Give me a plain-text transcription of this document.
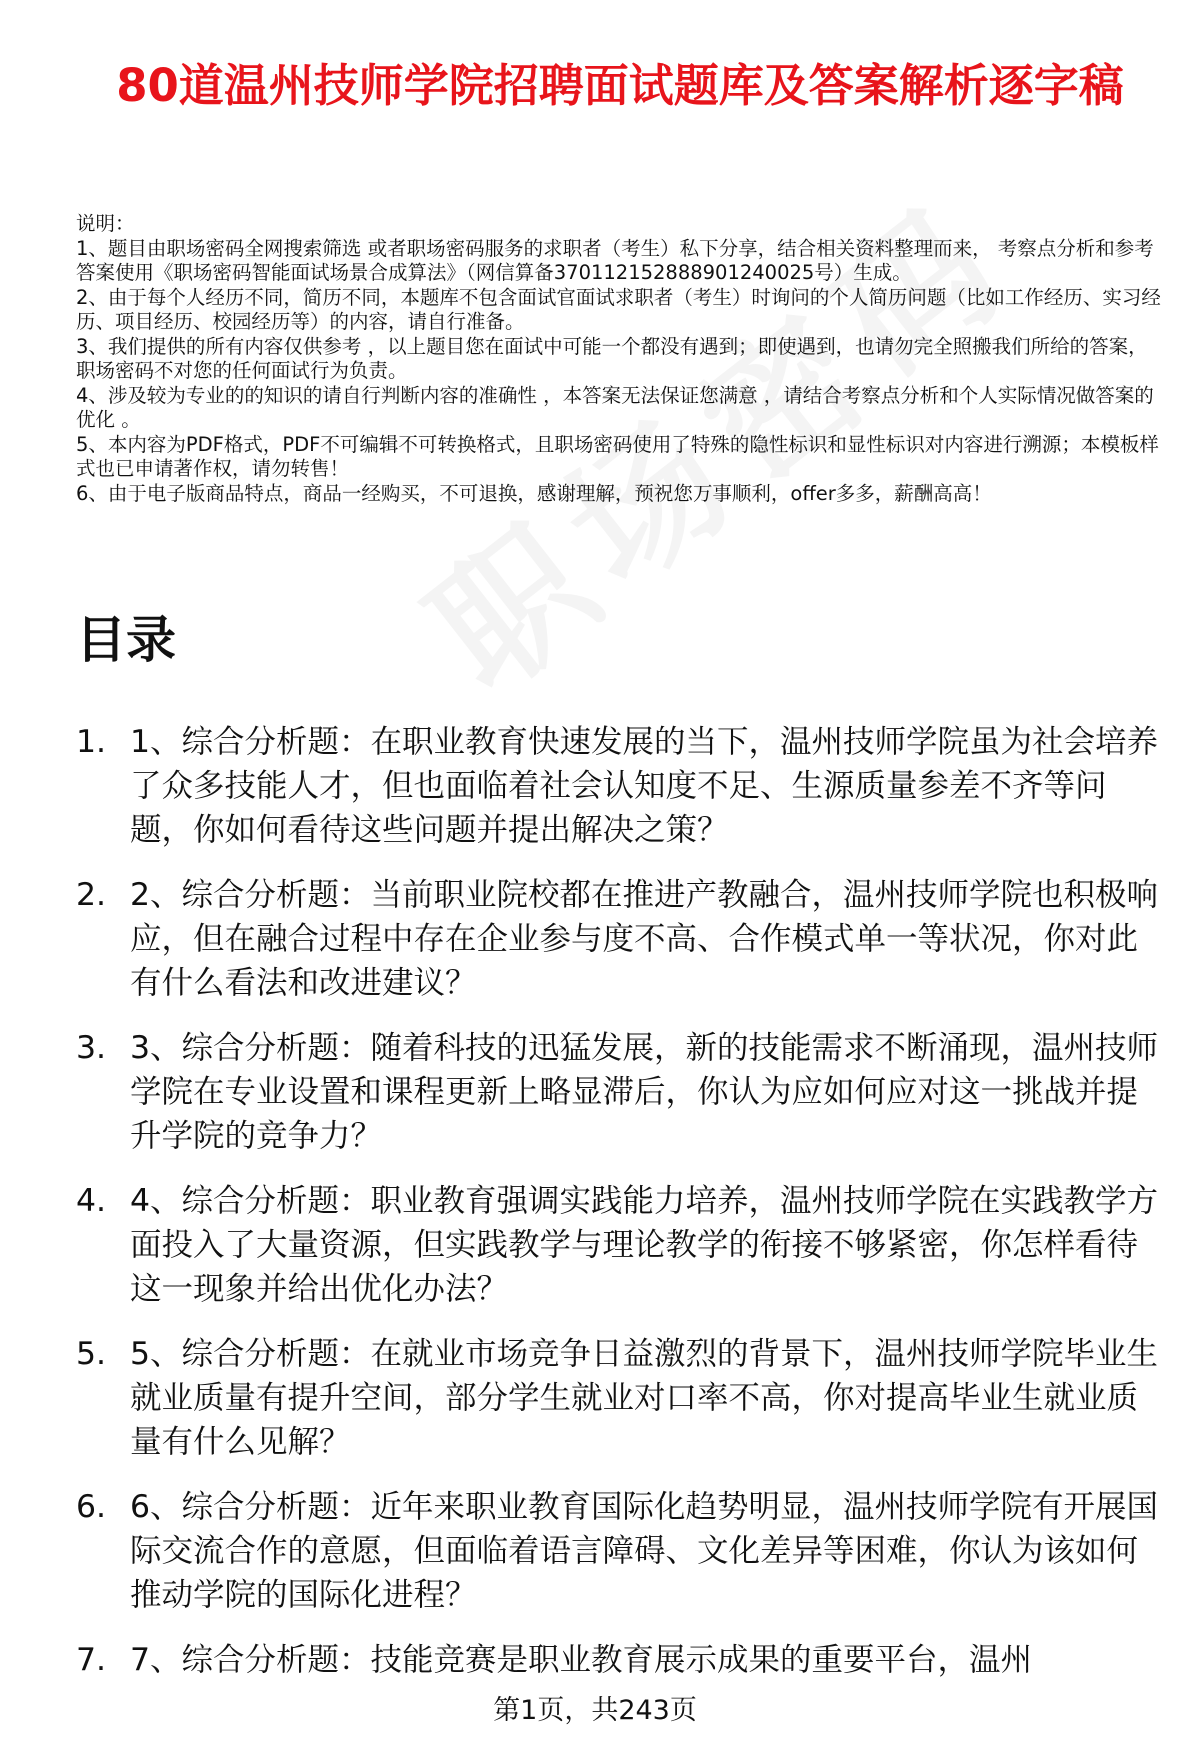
80道温州技师学院招聘面试题库及答案解析逐字稿

说明：

1、题目由职场密码全网搜索筛选 或者职场密码服务的求职者（考生）私下分享，结合相关资料整理而来， 考察点分析和参考答案使用《职场密码智能面试场景合成算法》（网信算备370112152888901240025号）生成。

2、由于每个人经历不同，简历不同，本题库不包含面试官面试求职者（考生）时询问的个人简历问题（比如工作经历、实习经历、项目经历、校园经历等）的内容，请自行准备。

3、我们提供的所有内容仅供参考 ，以上题目您在面试中可能一个都没有遇到；即使遇到，也请勿完全照搬我们所给的答案，职场密码不对您的任何面试行为负责。

4、涉及较为专业的的知识的请自行判断内容的准确性 ，本答案无法保证您满意 ，请结合考察点分析和个人实际情况做答案的优化 。

5、本内容为PDF格式，PDF不可编辑不可转换格式，且职场密码使用了特殊的隐性标识和显性标识对内容进行溯源；本模板样式也已申请著作权，请勿转售！

6、由于电子版商品特点，商品一经购买，不可退换，感谢理解，预祝您万事顺利，offer多多，薪酬高高！

目录
1. 1、综合分析题：在职业教育快速发展的当下，温州技师学院虽为社会培养了众多技能人才，但也面临着社会认知度不足、生源质量参差不齐等问题，你如何看待这些问题并提出解决之策？
2. 2、综合分析题：当前职业院校都在推进产教融合，温州技师学院也积极响应，但在融合过程中存在企业参与度不高、合作模式单一等状况，你对此有什么看法和改进建议？
3. 3、综合分析题：随着科技的迅猛发展，新的技能需求不断涌现，温州技师学院在专业设置和课程更新上略显滞后，你认为应如何应对这一挑战并提升学院的竞争力？
4. 4、综合分析题：职业教育强调实践能力培养，温州技师学院在实践教学方面投入了大量资源，但实践教学与理论教学的衔接不够紧密，你怎样看待这一现象并给出优化办法？
5. 5、综合分析题：在就业市场竞争日益激烈的背景下，温州技师学院毕业生就业质量有提升空间，部分学生就业对口率不高，你对提高毕业生就业质量有什么见解？
6. 6、综合分析题：近年来职业教育国际化趋势明显，温州技师学院有开展国际交流合作的意愿，但面临着语言障碍、文化差异等困难，你认为该如何推动学院的国际化进程？
7. 7、综合分析题：技能竞赛是职业教育展示成果的重要平台，温州
第1页，共243页
